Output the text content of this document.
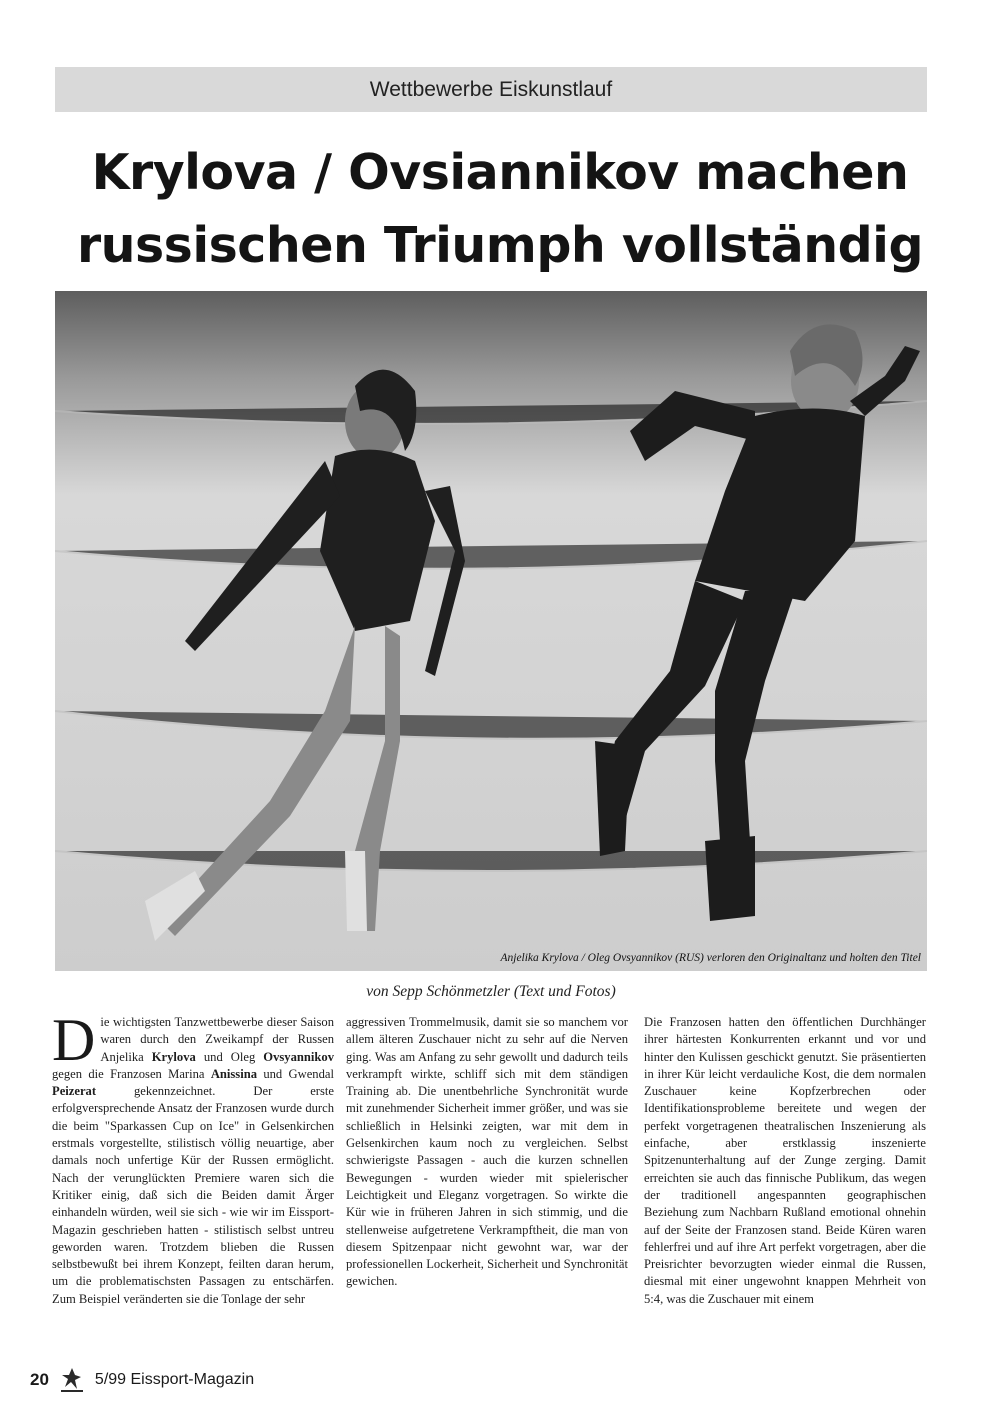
Wettbewerbe Eiskunstlauf
Krylova / Ovsiannikov machen
russischen Triumph vollständig
Anjelika Krylova / Oleg Ovsyannikov (RUS) verloren den Originaltanz und holten den Titel
von Sepp Schönmetzler (Text und Fotos)

Die wichtigsten Tanzwettbewerbe dieser Saison waren durch den Zweikampf der Russen Anjelika Krylova und Oleg Ovsyannikov gegen die Franzosen Marina Anissina und Gwendal Peizerat gekennzeichnet. Der erste erfolgversprechende Ansatz der Franzosen wurde durch die beim "Sparkassen Cup on Ice" in Gelsenkirchen erstmals vorgestellte, stilistisch völlig neuartige, aber damals noch unfertige Kür der Russen ermöglicht. Nach der verunglückten Premiere waren sich die Kritiker einig, daß sich die Beiden damit Ärger einhandeln würden, weil sie sich - wie wir im Eissport-Magazin geschrieben hatten - stilistisch selbst untreu geworden waren. Trotzdem blieben die Russen selbstbewußt bei ihrem Konzept, feilten daran herum, um die problematischsten Passagen zu entschärfen. Zum Beispiel veränderten sie die Tonlage der sehr

aggressiven Trommelmusik, damit sie so manchem vor allem älteren Zuschauer nicht zu sehr auf die Nerven ging. Was am Anfang zu sehr gewollt und dadurch teils verkrampft wirkte, schliff sich mit dem ständigen Training ab. Die unentbehrliche Synchronität wurde mit zunehmender Sicherheit immer größer, und was sie schließlich in Helsinki zeigten, war mit dem in Gelsenkirchen kaum noch zu vergleichen. Selbst schwierigste Passagen - auch die kurzen schnellen Bewegungen - wurden wieder mit spielerischer Leichtigkeit und Eleganz vorgetragen. So wirkte die Kür wie in früheren Jahren in sich stimmig, und die stellenweise aufgetretene Verkrampftheit, die man von diesem Spitzenpaar nicht gewohnt war, war der professionellen Lockerheit, Sicherheit und Synchronität gewichen.

Die Franzosen hatten den öffentlichen Durchhänger ihrer härtesten Konkurrenten erkannt und vor und hinter den Kulissen geschickt genutzt. Sie präsentierten in ihrer Kür leicht verdauliche Kost, die dem normalen Zuschauer keine Kopfzerbrechen oder Identifikationsprobleme bereitete und wegen der perfekt vorgetragenen theatralischen Inszenierung als einfache, aber erstklassig inszenierte Spitzenunterhaltung auf der Zunge zerging. Damit erreichten sie auch das finnische Publikum, das wegen der traditionell angespannten geographischen Beziehung zum Nachbarn Rußland emotional ohnehin auf der Seite der Franzosen stand. Beide Küren waren fehlerfrei und auf ihre Art perfekt vorgetragen, aber die Preisrichter bevorzugten wieder einmal die Russen, diesmal mit einer ungewohnt knappen Mehrheit von 5:4, was die Zuschauer mit einem

20	5/99 Eissport-Magazin
